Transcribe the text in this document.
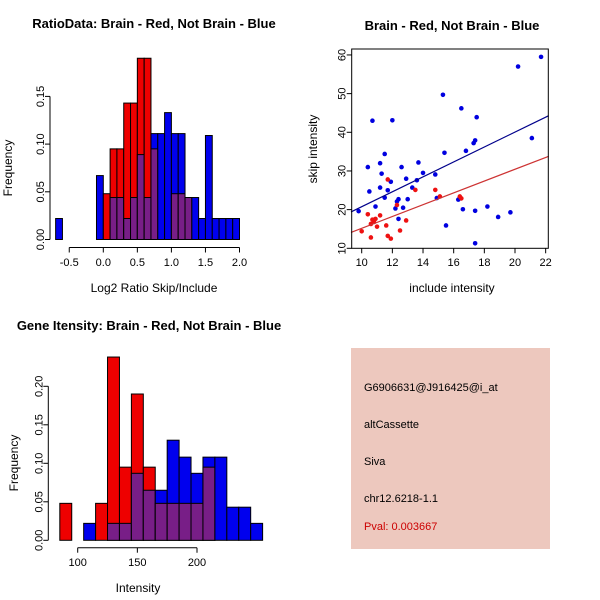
0.00
0.05
0.10
0.15
-0.5 0.0 0.5 1.0 1.5 2.0
RatioData: Brain - Red, Not Brain - Blue
Log2 Ratio Skip/Include
Frequency
10 12 14 16 18 20 22
10
20
30
40
50
60
Brain - Red, Not Brain - Blue
include intensity
skip intensity
0.00
0.05
0.10
0.15
0.20
100	150	200
Gene Itensity: Brain - Red, Not Brain - Blue
Intensity
Frequency
G6906631@J916425@i_at
altCassette
Siva
chr12.6218-1.1
Pval: 0.003667
